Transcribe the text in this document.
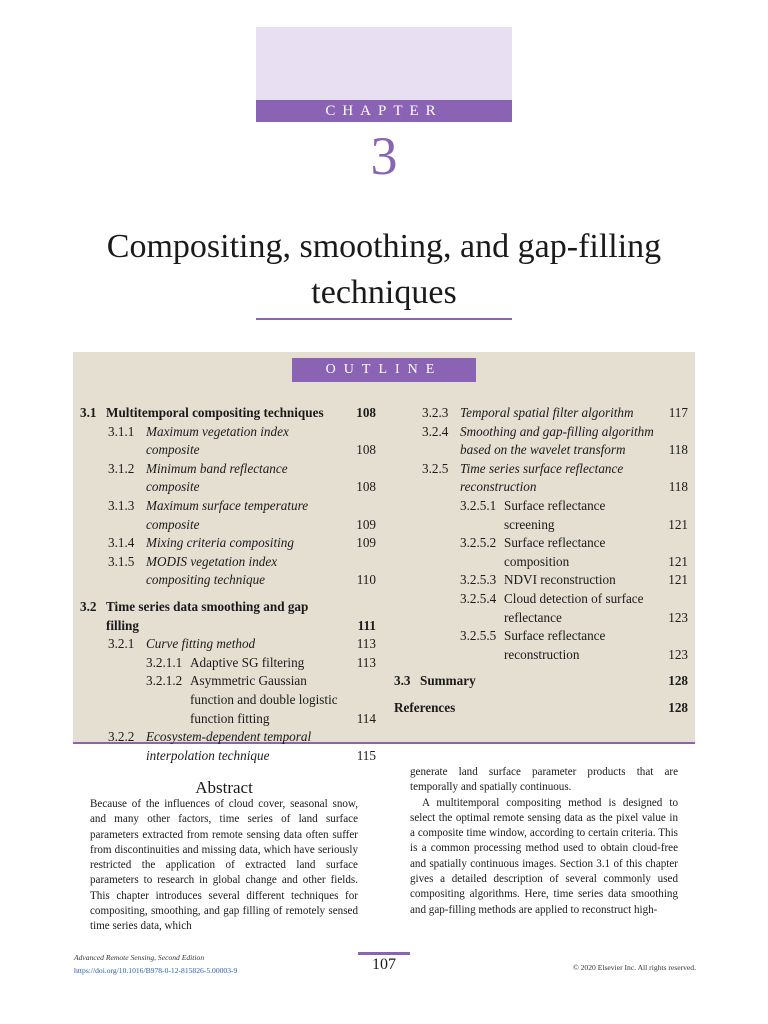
CHAPTER
3
Compositing, smoothing, and gap-filling
techniques
OUTLINE
3.1 Multitemporal compositing techniques 108
3.1.1 Maximum vegetation index composite	108
3.1.2 Minimum band reflectance composite	108
3.1.3 Maximum surface temperature composite	109
3.1.4 Mixing criteria compositing	109
3.1.5 MODIS vegetation index compositing technique	110
3.2 Time series data smoothing and gap filling	111
3.2.1 Curve fitting method	113
3.2.1.1 Adaptive SG filtering	113
3.2.1.2 Asymmetric Gaussian function and double logistic function fitting	114
3.2.2 Ecosystem-dependent temporal interpolation technique	115
3.2.3 Temporal spatial filter algorithm	117
3.2.4 Smoothing and gap-filling algorithm based on the wavelet transform	118
3.2.5 Time series surface reflectance reconstruction	118
3.2.5.1 Surface reflectance screening	121
3.2.5.2 Surface reflectance composition	121
3.2.5.3 NDVI reconstruction	121
3.2.5.4 Cloud detection of surface reflectance	123
3.2.5.5 Surface reflectance reconstruction	123
3.3 Summary	128
References	128
Abstract

Because of the influences of cloud cover, seasonal snow, and many other factors, time series of land surface parameters extracted from remote sensing data often suffer from discontinuities and missing data, which have seriously restricted the application of extracted land surface parameters to research in global change and other fields. This chapter introduces several different techniques for compositing, smoothing, and gap filling of remotely sensed time series data, which

generate land surface parameter products that are temporally and spatially continuous.

A multitemporal compositing method is designed to select the optimal remote sensing data as the pixel value in a composite time window, according to certain criteria. This is a common processing method used to obtain cloud-free and spatially continuous images. Section 3.1 of this chapter gives a detailed description of several commonly used compositing algorithms. Here, time series data smoothing and gap-filling methods are applied to reconstruct high-

Advanced Remote Sensing, Second Edition
https://doi.org/10.1016/B978-0-12-815826-5.00003-9	107	© 2020 Elsevier Inc. All rights reserved.
